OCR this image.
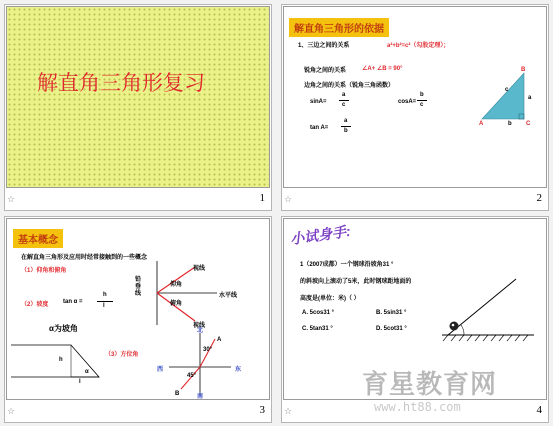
解直角三角形复习
☆	1
解直角三角形的依据
1、三边之间的关系	a²+b²=c²（勾股定理）；
锐角之间的关系	∠A+ ∠B = 90°
边角之间的关系（锐角三角函数）
sinA=
a
c	cosA=
b
c
tan A=
a
b
A
B
C
a
b
c
☆	2
基本概念
在解直角三角形及应用时经常接触到的一些概念
（1）仰角和俯角
（2）坡度 tan α =
h
l
α为坡角
（3）方位角
视线
仰角
水平线
俯角
视线
铅垂线
h
l
α
北
南
西	东
30°
45°
A
B
☆	3
小试身手:
1（2007成都）一个钢球沿坡角31 °
的斜坡向上滚动了5米，此时钢球距地面的
高度是(单位：米)（ ）
A. 5cos31 °	B. 5sin31 °
C. 5tan31 °	D. 5cot31 °
☆	4
育星教育网
www.ht88.com
